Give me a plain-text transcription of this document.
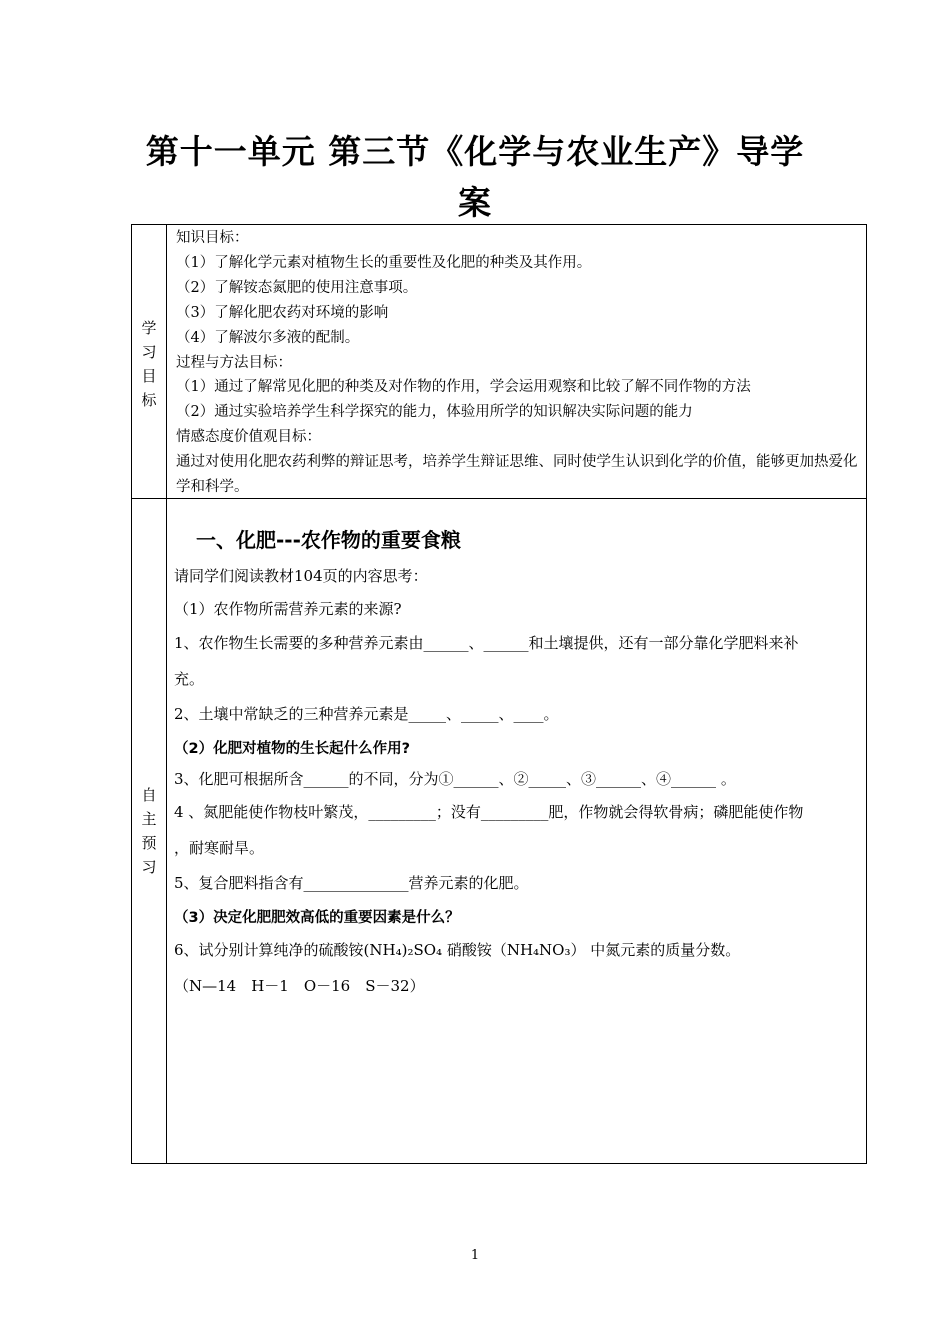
第十一单元 第三节《化学与农业生产》导学
案
学
习
目
标
知识目标：
（1）了解化学元素对植物生长的重要性及化肥的种类及其作用。
（2）了解铵态氮肥的使用注意事项。
（3）了解化肥农药对环境的影响
（4）了解波尔多液的配制。
过程与方法目标：
（1）通过了解常见化肥的种类及对作物的作用，学会运用观察和比较了解不同作物的方法
（2）通过实验培养学生科学探究的能力，体验用所学的知识解决实际问题的能力
情感态度价值观目标：
通过对使用化肥农药利弊的辩证思考，培养学生辩证思维、同时使学生认识到化学的价值，能够更加热爱化学和科学。
自
主
预
习
一、化肥---农作物的重要食粮
请同学们阅读教材104页的内容思考：
（1）农作物所需营养元素的来源?
1、农作物生长需要的多种营养元素由______、______和土壤提供，还有一部分靠化学肥料来补
充。
2、土壤中常缺乏的三种营养元素是_____、_____、____。
（2）化肥对植物的生长起什么作用?
3、化肥可根据所含______的不同，分为①______、②_____、③______、④______ 。
4 、氮肥能使作物枝叶繁茂，_________；没有_________肥，作物就会得软骨病；磷肥能使作物
，耐寒耐旱。
5、复合肥料指含有______________营养元素的化肥。
（3）决定化肥肥效高低的重要因素是什么？
6、试分别计算纯净的硫酸铵(NH₄)₂SO₄ 硝酸铵（NH₄NO₃） 中氮元素的质量分数。
（N—14　H－1　O－16　S－32）
1
